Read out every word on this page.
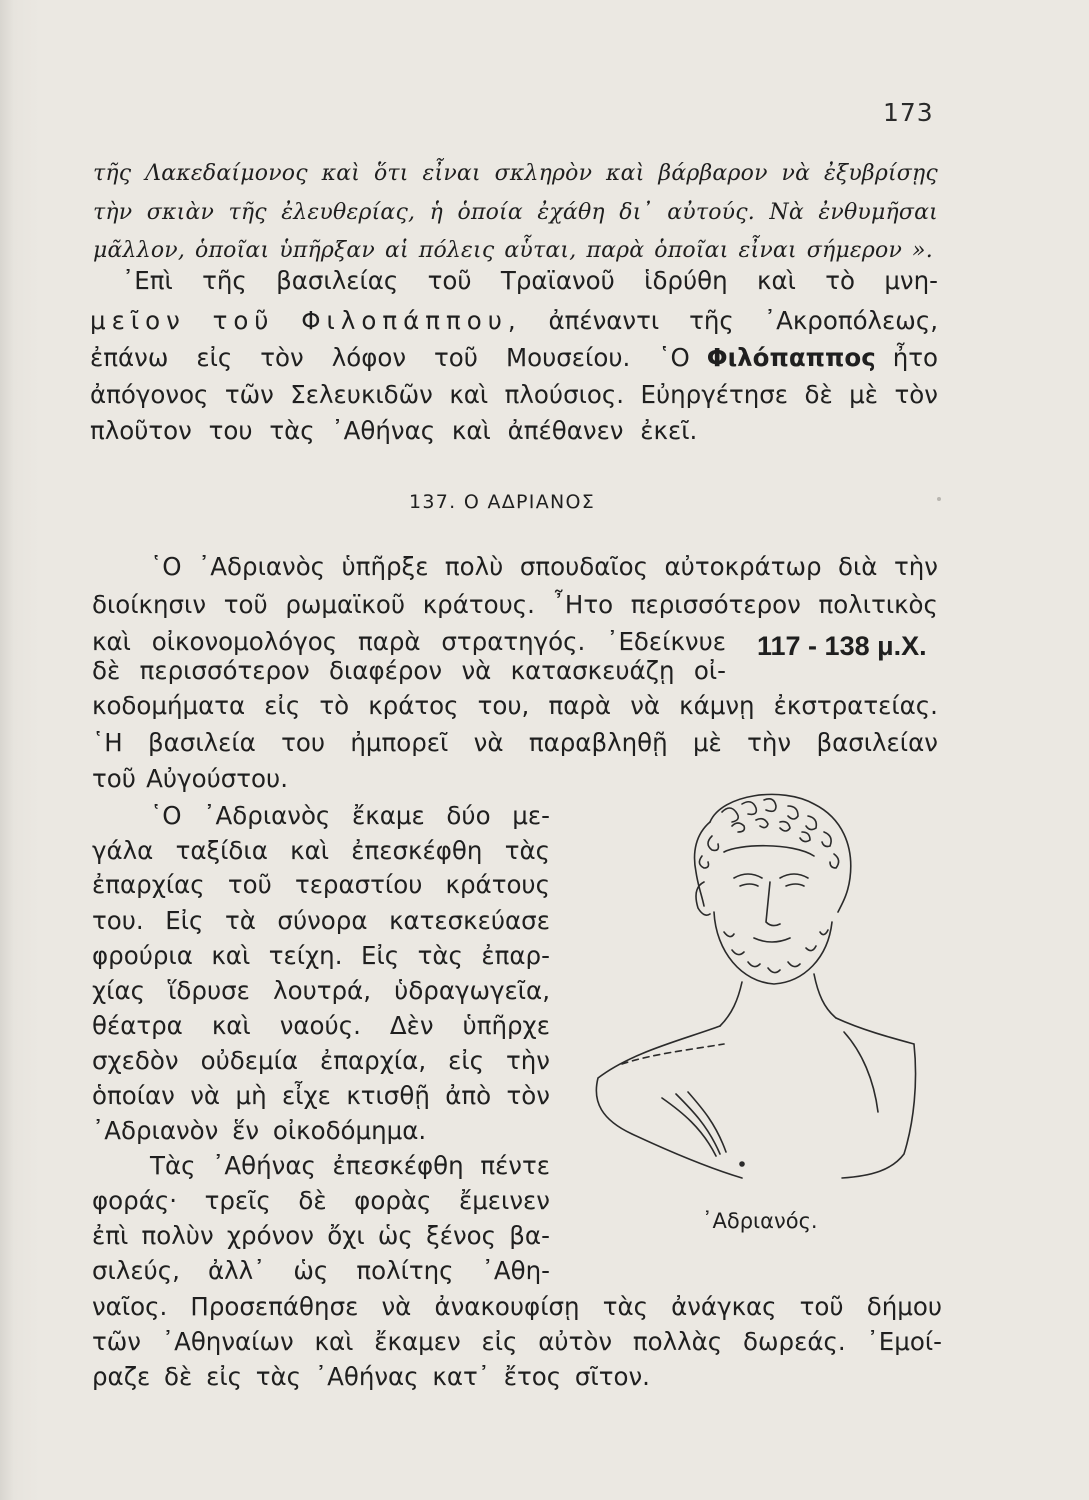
173
τῆς Λακεδαίμονος καὶ ὅτι εἶναι σκληρὸν καὶ βάρβαρον νὰ ἐξυβρίσῃς
τὴν σκιὰν τῆς ἐλευθερίας, ἡ ὁποία ἐχάθη δι᾽ αὐτούς. Νὰ ἐνθυμῆσαι
μᾶλλον, ὁποῖαι ὑπῆρξαν αἱ πόλεις αὗται, παρὰ ὁποῖαι εἶναι σήμερον ».
᾿Επὶ τῆς βασιλείας τοῦ Τραϊανοῦ ἱδρύθη καὶ τὸ μνη-
μεῖον τοῦ Φιλοπάππου, ἀπέναντι τῆς ᾿Ακροπόλεως,
ἐπάνω εἰς τὸν λόφον τοῦ Μουσείου. ῾Ο Φιλόπαππος ἦτο
ἀπόγονος τῶν Σελευκιδῶν καὶ πλούσιος. Εὐηργέτησε δὲ μὲ τὸν
πλοῦτον του τὰς ᾿Αθήνας καὶ ἀπέθανεν ἐκεῖ.
137. Ο ΑΔΡΙΑΝΟΣ
῾Ο ᾿Αδριανὸς ὑπῆρξε πολὺ σπουδαῖος αὐτοκράτωρ διὰ τὴν
διοίκησιν τοῦ ρωμαϊκοῦ κράτους. ῏Ητο περισσότερον πολιτικὸς
καὶ οἰκονομολόγος παρὰ στρατηγός. ᾿Εδείκνυε
δὲ περισσότερον διαφέρον νὰ κατασκευάζῃ οἰ-
κοδομήματα εἰς τὸ κράτος του, παρὰ νὰ κάμνῃ ἐκστρατείας.
῾Η βασιλεία του ἠμπορεῖ νὰ παραβληθῇ μὲ τὴν βασιλείαν
τοῦ Αὐγούστου.
117 - 138 μ.Χ.
῾Ο ᾿Αδριανὸς ἔκαμε δύο με-
γάλα ταξίδια καὶ ἐπεσκέφθη τὰς
ἐπαρχίας τοῦ τεραστίου κράτους
του. Εἰς τὰ σύνορα κατεσκεύασε
φρούρια καὶ τείχη. Εἰς τὰς ἐπαρ-
χίας ἵδρυσε λουτρά, ὑδραγωγεῖα,
θέατρα καὶ ναούς. Δὲν ὑπῆρχε
σχεδὸν οὐδεμία ἐπαρχία, εἰς τὴν
ὁποίαν νὰ μὴ εἶχε κτισθῇ ἀπὸ τὸν
᾿Αδριανὸν ἕν οἰκοδόμημα.
Τὰς ᾿Αθήνας ἐπεσκέφθη πέντε
φοράς· τρεῖς δὲ φορὰς ἔμεινεν
ἐπὶ πολὺν χρόνον ὄχι ὡς ξένος βα-
σιλεύς, ἀλλ᾽ ὡς πολίτης ᾿Αθη-
ναῖος. Προσεπάθησε νὰ ἀνακουφίσῃ τὰς ἀνάγκας τοῦ δήμου
τῶν ᾿Αθηναίων καὶ ἔκαμεν εἰς αὐτὸν πολλὰς δωρεάς. ᾿Εμοί-
ραζε δὲ εἰς τὰς ᾿Αθήνας κατ᾽ ἔτος σῖτον.
᾿Αδριανός.
